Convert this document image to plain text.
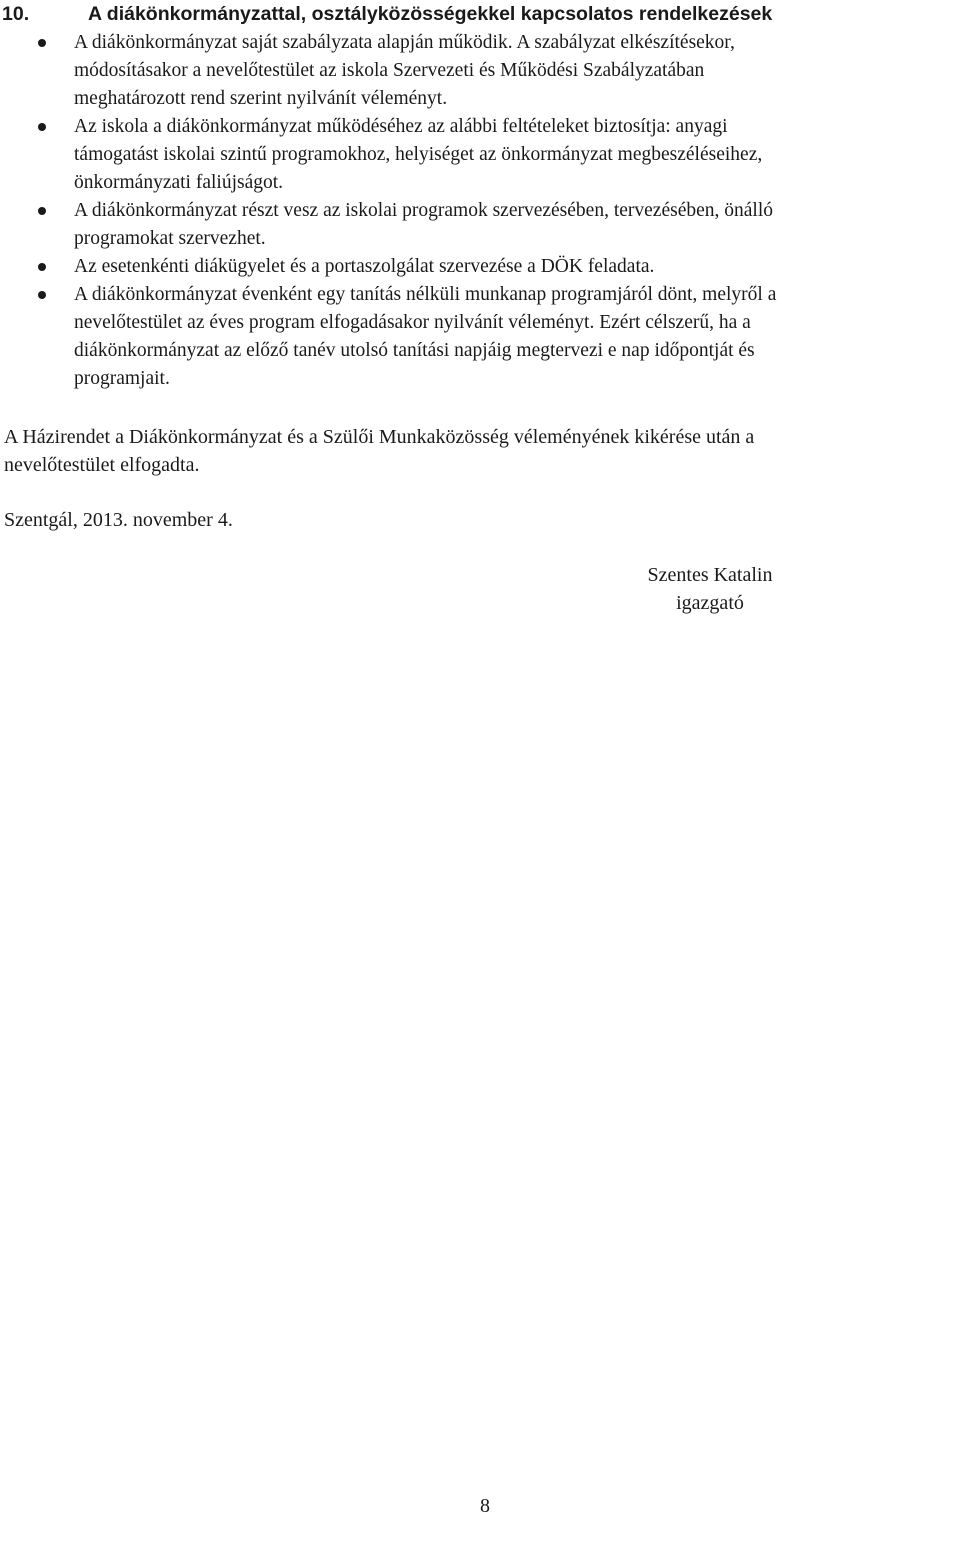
10.	A diákönkormányzattal, osztályközösségekkel kapcsolatos rendelkezések
A diákönkormányzat saját szabályzata alapján működik. A szabályzat elkészítésekor,
módosításakor a nevelőtestület az iskola Szervezeti és Működési Szabályzatában
meghatározott rend szerint nyilvánít véleményt.
Az iskola a diákönkormányzat működéséhez az alábbi feltételeket biztosítja: anyagi
támogatást iskolai szintű programokhoz, helyiséget az önkormányzat megbeszéléseihez,
önkormányzati faliújságot.
A diákönkormányzat részt vesz az iskolai programok szervezésében, tervezésében, önálló
programokat szervezhet.
Az esetenkénti diákügyelet és a portaszolgálat szervezése a DÖK feladata.
A diákönkormányzat évenként egy tanítás nélküli munkanap programjáról dönt, melyről a
nevelőtestület az éves program elfogadásakor nyilvánít véleményt. Ezért célszerű, ha a
diákönkormányzat az előző tanév utolsó tanítási napjáig megtervezi e nap időpontját és
programjait.
A Házirendet a Diákönkormányzat és a Szülői Munkaközösség véleményének kikérése után a
nevelőtestület elfogadta.
Szentgál, 2013. november 4.
Szentes Katalin
igazgató
8
